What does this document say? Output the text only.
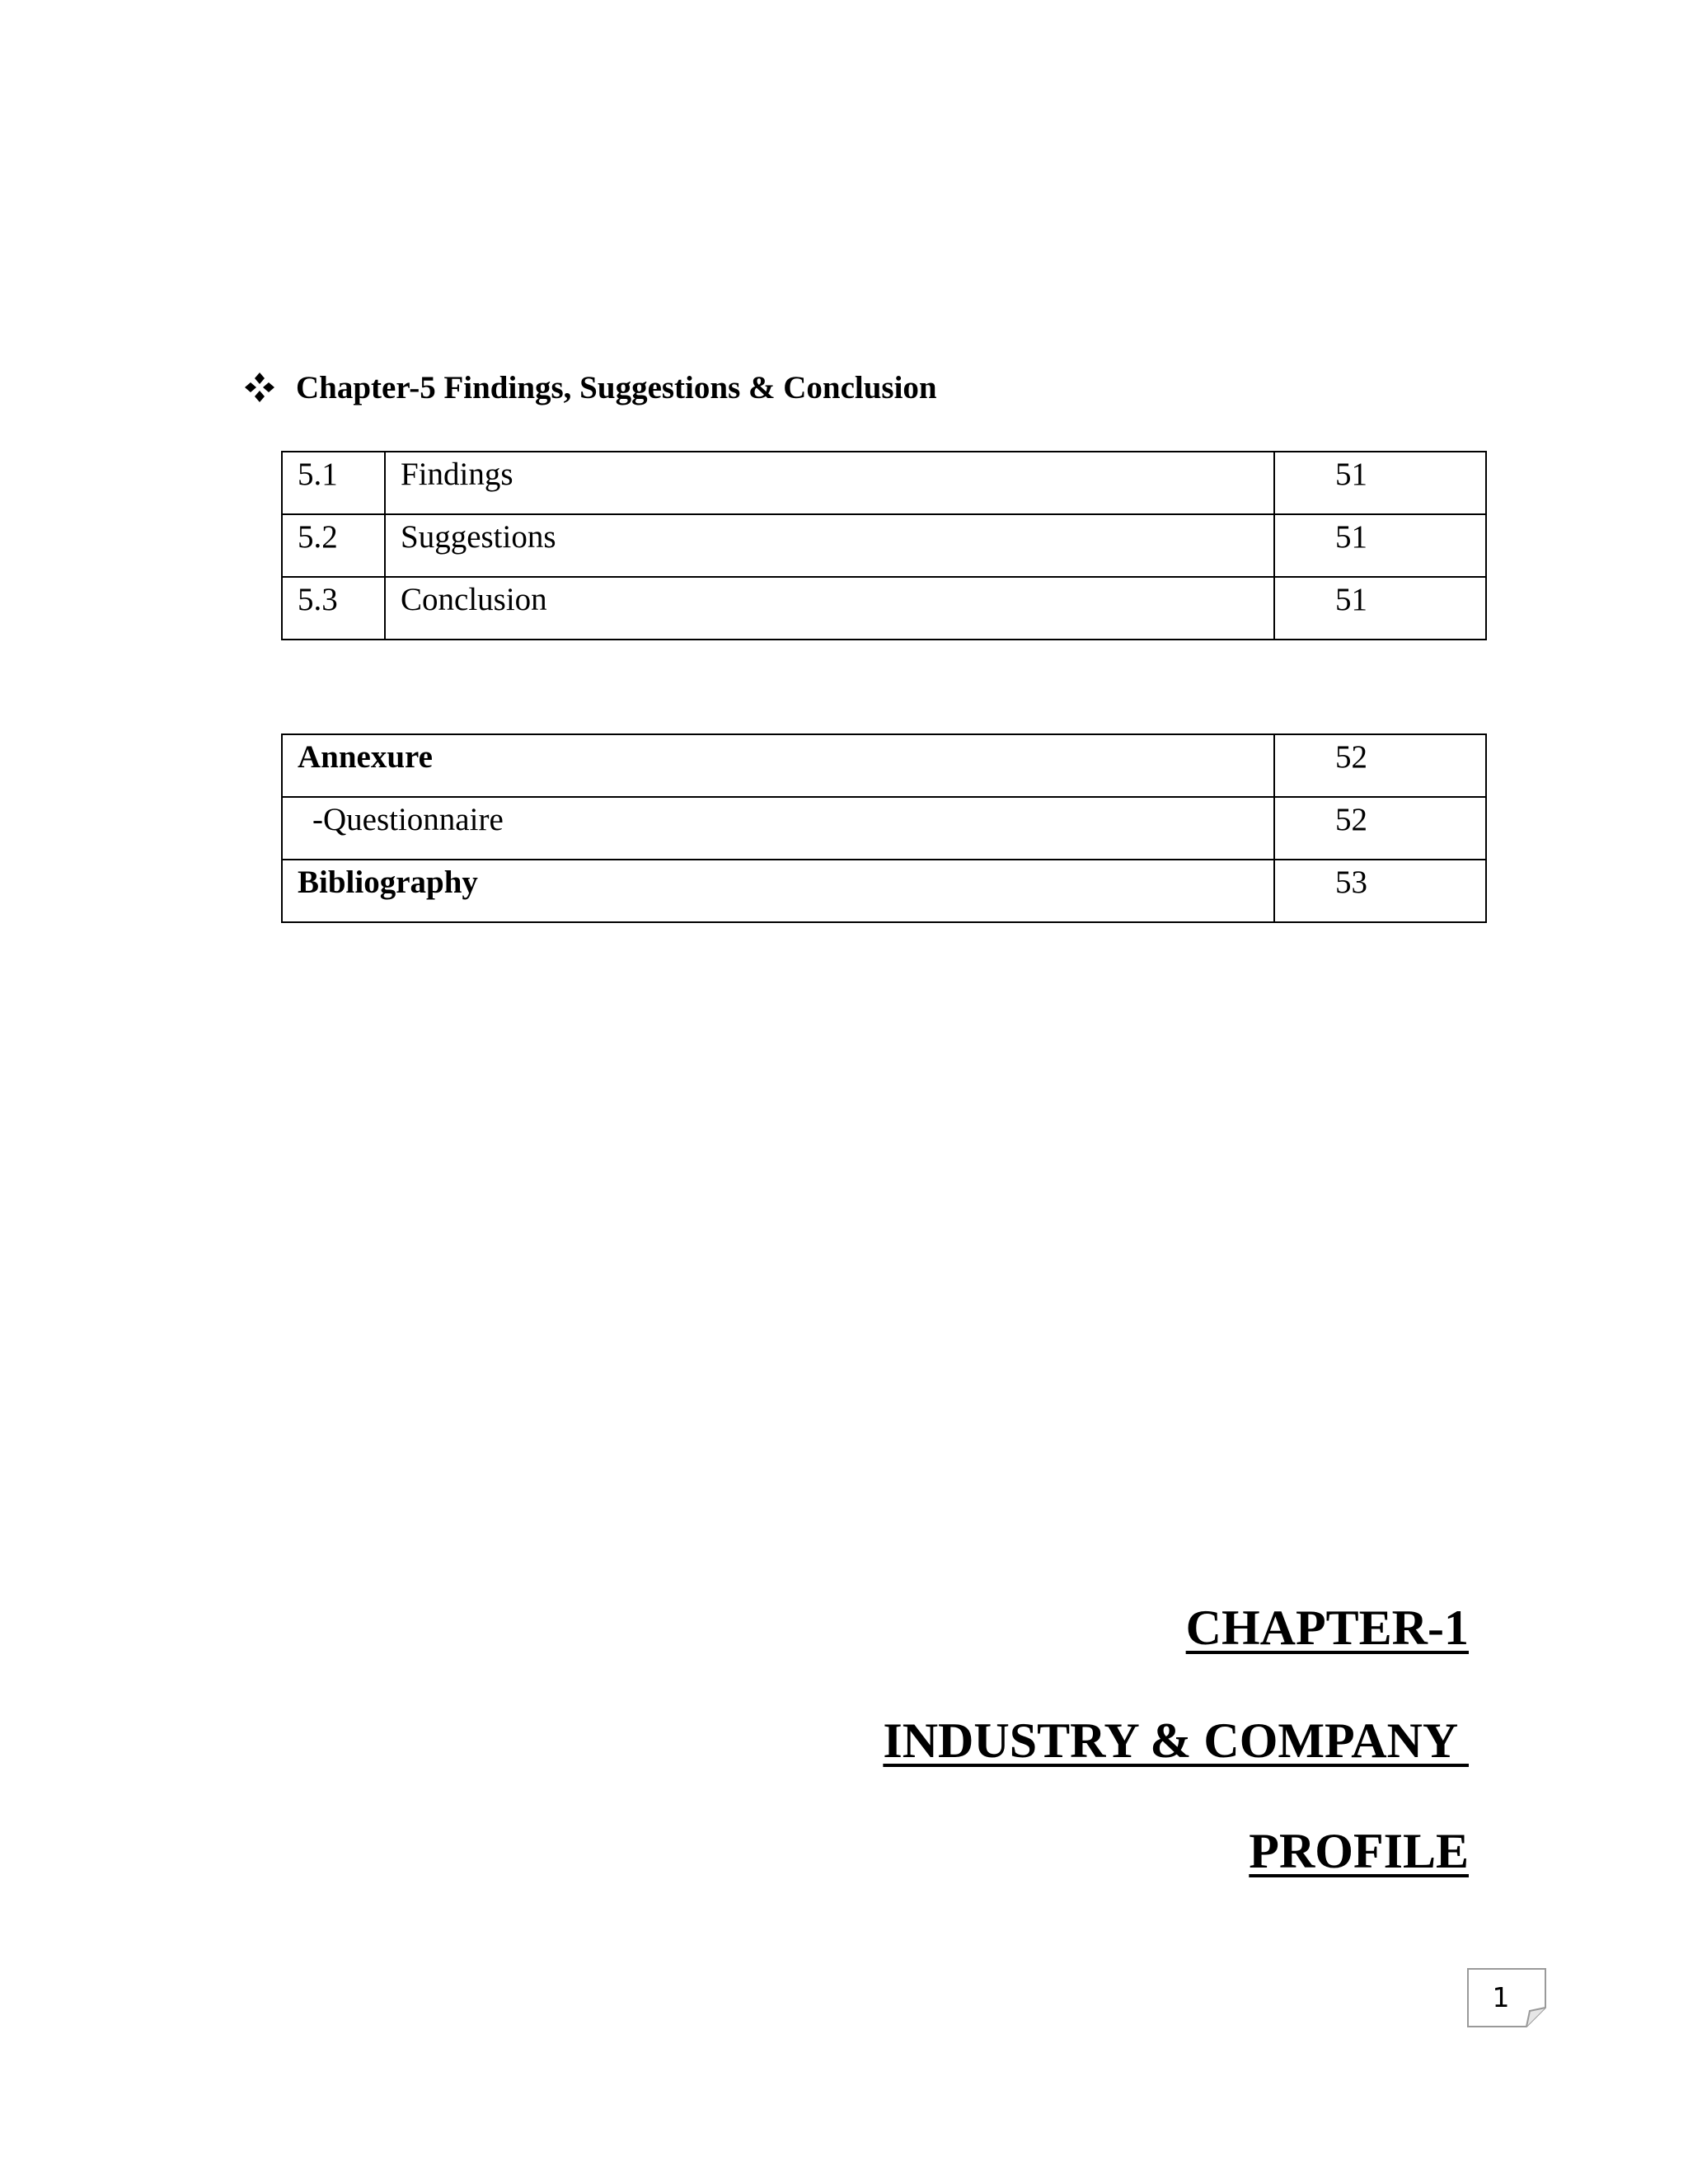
Chapter-5 Findings, Suggestions & Conclusion
5.1	Findings	51
5.2	Suggestions	51
5.3	Conclusion	51
Annexure	52
-Questionnaire	52
Bibliography	53
CHAPTER-1
INDUSTRY & COMPANY
PROFILE
1
